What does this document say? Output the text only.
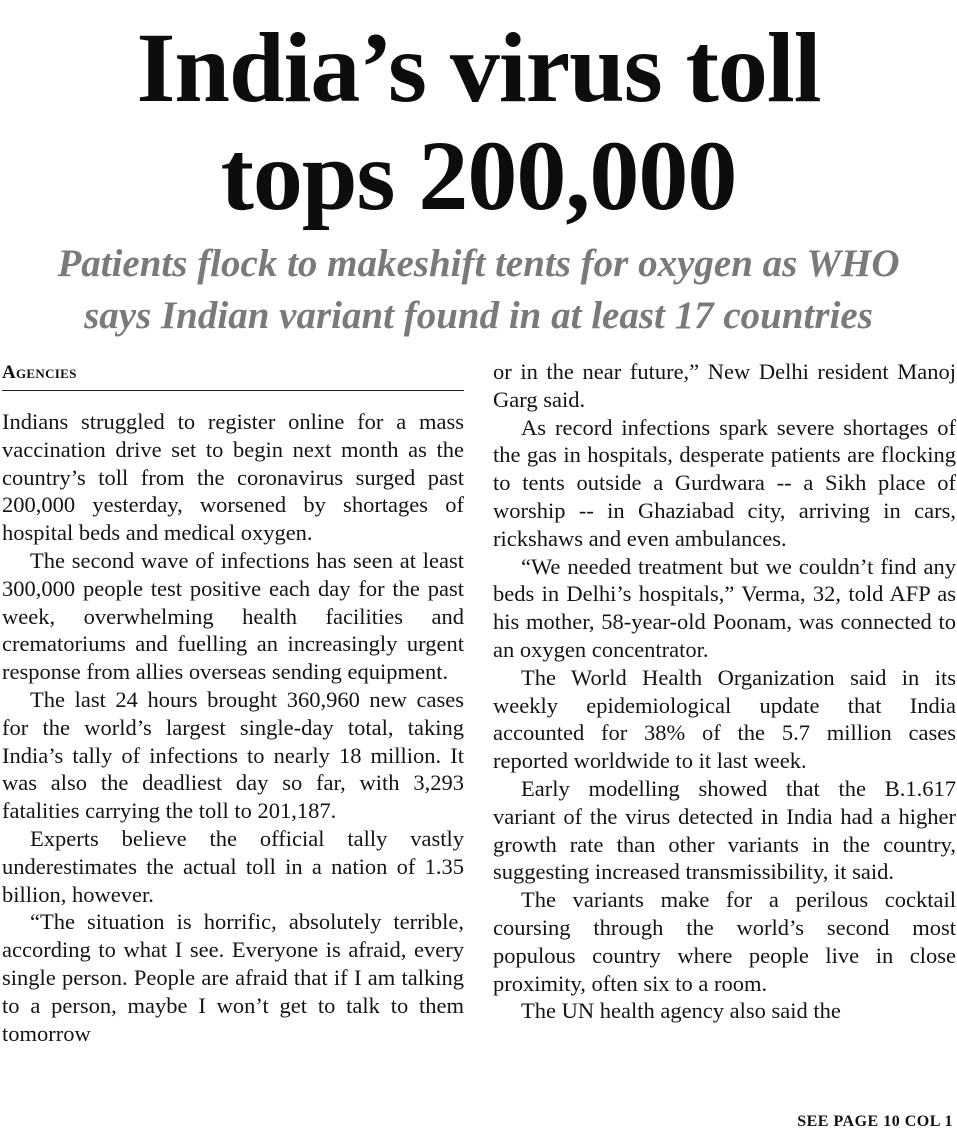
India’s virus toll
tops 200,000
Patients flock to makeshift tents for oxygen as WHO
says Indian variant found in at least 17 countries
Agencies

Indians struggled to register online for a mass vaccination drive set to begin next month as the country’s toll from the coronavirus surged past 200,000 yesterday, worsened by shortages of hospital beds and medical oxygen.

The second wave of infections has seen at least 300,000 people test positive each day for the past week, overwhelming health facilities and crematoriums and fuelling an increasingly urgent response from allies overseas sending equipment.

The last 24 hours brought 360,960 new cases for the world’s largest single-day total, taking India’s tally of infections to nearly 18 million. It was also the deadliest day so far, with 3,293 fatalities carrying the toll to 201,187.

Experts believe the official tally vastly underestimates the actual toll in a nation of 1.35 billion, however.

“The situation is horrific, absolutely terrible, according to what I see. Everyone is afraid, every single person. People are afraid that if I am talking to a person, maybe I won’t get to talk to them tomorrow

or in the near future,” New Delhi resident Manoj Garg said.

As record infections spark severe shortages of the gas in hospitals, desperate patients are flocking to tents outside a Gurdwara -- a Sikh place of worship -- in Ghaziabad city, arriving in cars, rickshaws and even ambulances.

“We needed treatment but we couldn’t find any beds in Delhi’s hospitals,” Verma, 32, told AFP as his mother, 58-year-old Poonam, was connected to an oxygen concentrator.

The World Health Organization said in its weekly epidemiological update that India accounted for 38% of the 5.7 million cases reported worldwide to it last week.

Early modelling showed that the B.1.617 variant of the virus detected in India had a higher growth rate than other variants in the country, suggesting increased transmissibility, it said.

The variants make for a perilous cocktail coursing through the world’s second most populous country where people live in close proximity, often six to a room.

The UN health agency also said the

SEE PAGE 10 COL 1
